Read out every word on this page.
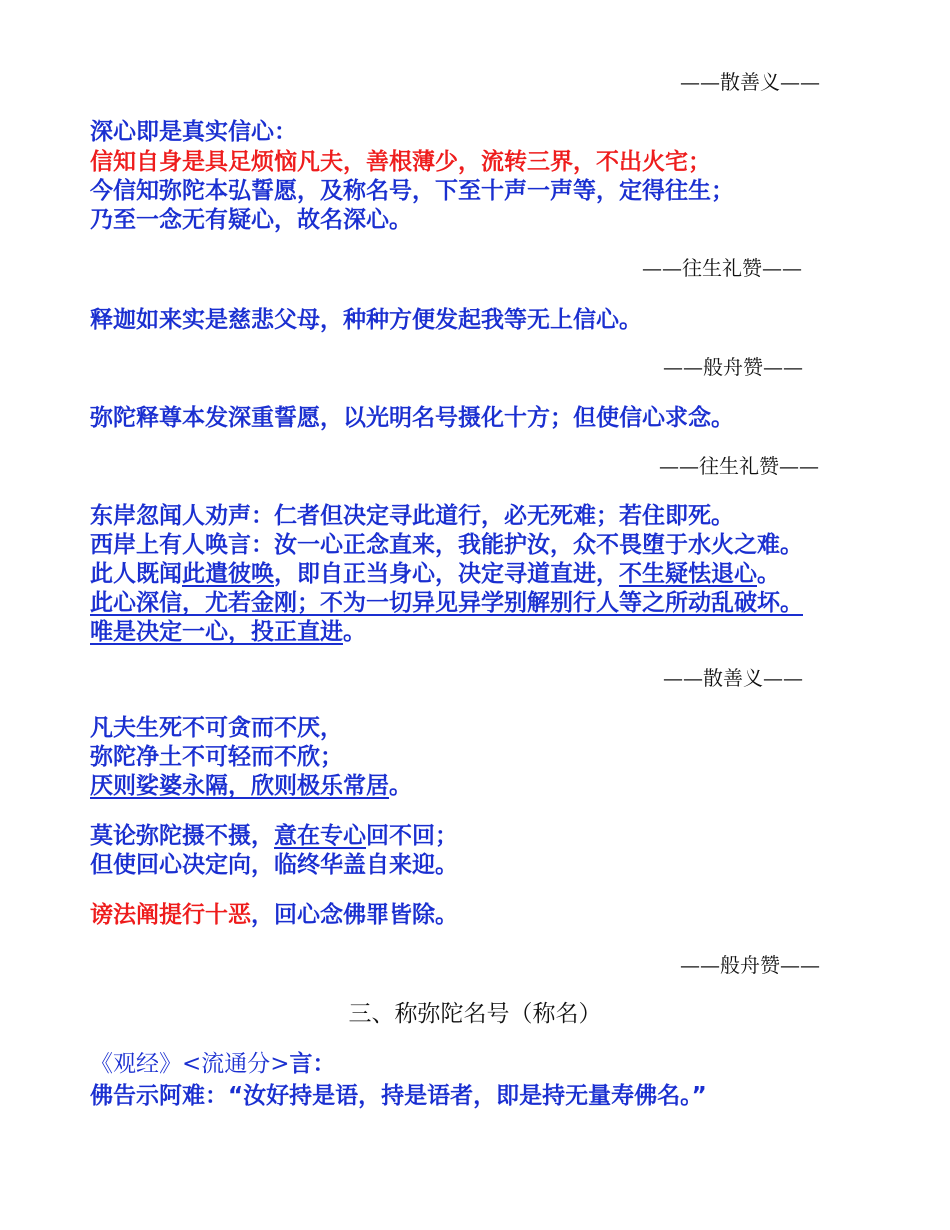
——散善义——
深心即是真实信心：
信知自身是具足烦恼凡夫，善根薄少，流转三界，不出火宅；
今信知弥陀本弘誓愿，及称名号，下至十声一声等，定得往生；
乃至一念无有疑心，故名深心。
——往生礼赞——
释迦如来实是慈悲父母，种种方便发起我等无上信心。
——般舟赞——
弥陀释尊本发深重誓愿，以光明名号摄化十方；但使信心求念。
——往生礼赞——
东岸忽闻人劝声：仁者但决定寻此道行，必无死难；若住即死。
西岸上有人唤言：汝一心正念直来，我能护汝，众不畏堕于水火之难。
此人既闻此遣彼唤，即自正当身心，决定寻道直进，不生疑怯退心。
此心深信，尤若金刚；不为一切异见异学别解别行人等之所动乱破坏。
唯是决定一心，投正直进。
——散善义——
凡夫生死不可贪而不厌，
弥陀净土不可轻而不欣；
厌则娑婆永隔，欣则极乐常居。
莫论弥陀摄不摄，意在专心回不回；
但使回心决定向，临终华盖自来迎。
谤法阐提行十恶，回心念佛罪皆除。
——般舟赞——
三、称弥陀名号（称名）
《观经》<流通分>言：
佛告示阿难：“汝好持是语，持是语者，即是持无量寿佛名。”
